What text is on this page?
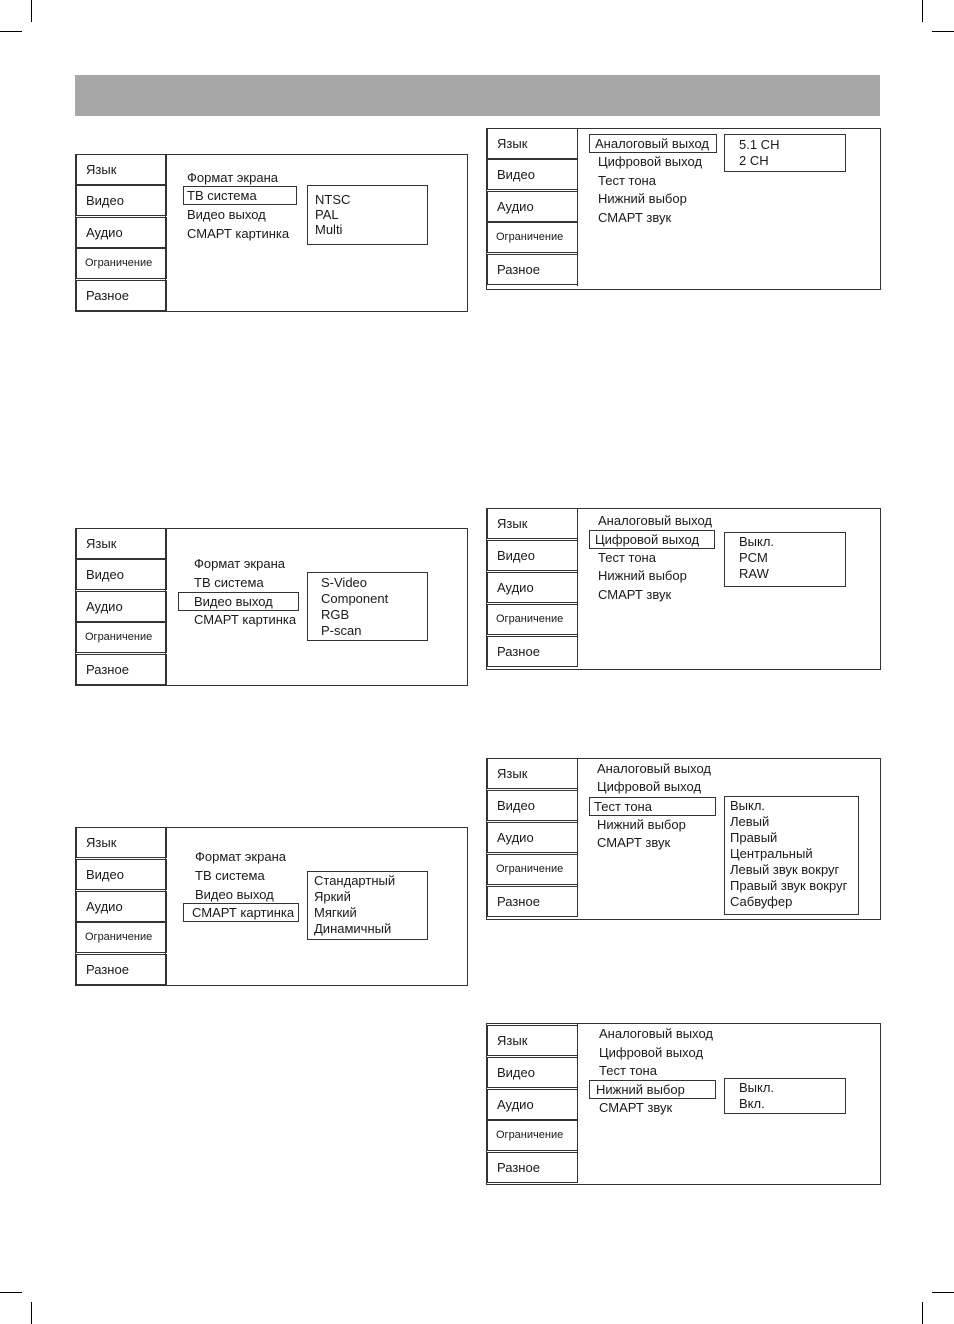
Язык
Видео
Аудио
Ограничение
Разное
Формат экрана
ТВ система
Видео выход
СМАРТ картинка
NTSC
PAL
Multi
Язык
Видео
Аудио
Ограничение
Разное
Формат экрана
ТВ система
Видео выход
СМАРТ картинка
S-Video
Component
RGB
P-scan
Язык
Видео
Аудио
Ограничение
Разное
Формат экрана
ТВ система
Видео выход
СМАРТ картинка
Стандартный
Яркий
Мягкий
Динамичный
Язык
Видео
Аудио
Ограничение
Разное
Аналоговый выход
Цифровой выход
Тест тона
Нижний выбор
СМАРТ звук
5.1 CH
2 CH
Язык
Видео
Аудио
Ограничение
Разное
Аналоговый выход
Цифровой выход
Тест тона
Нижний выбор
СМАРТ звук
Выкл.
PCM
RAW
Язык
Видео
Аудио
Ограничение
Разное
Аналоговый выход
Цифровой выход
Тест тона
Нижний выбор
СМАРТ звук
Выкл.
Левый
Правый
Центральный
Левый звук вокруг
Правый звук вокруг
Сабвуфер
Язык
Видео
Аудио
Ограничение
Разное
Аналоговый выход
Цифровой выход
Тест тона
Нижний выбор
СМАРТ звук
Выкл.
Вкл.
